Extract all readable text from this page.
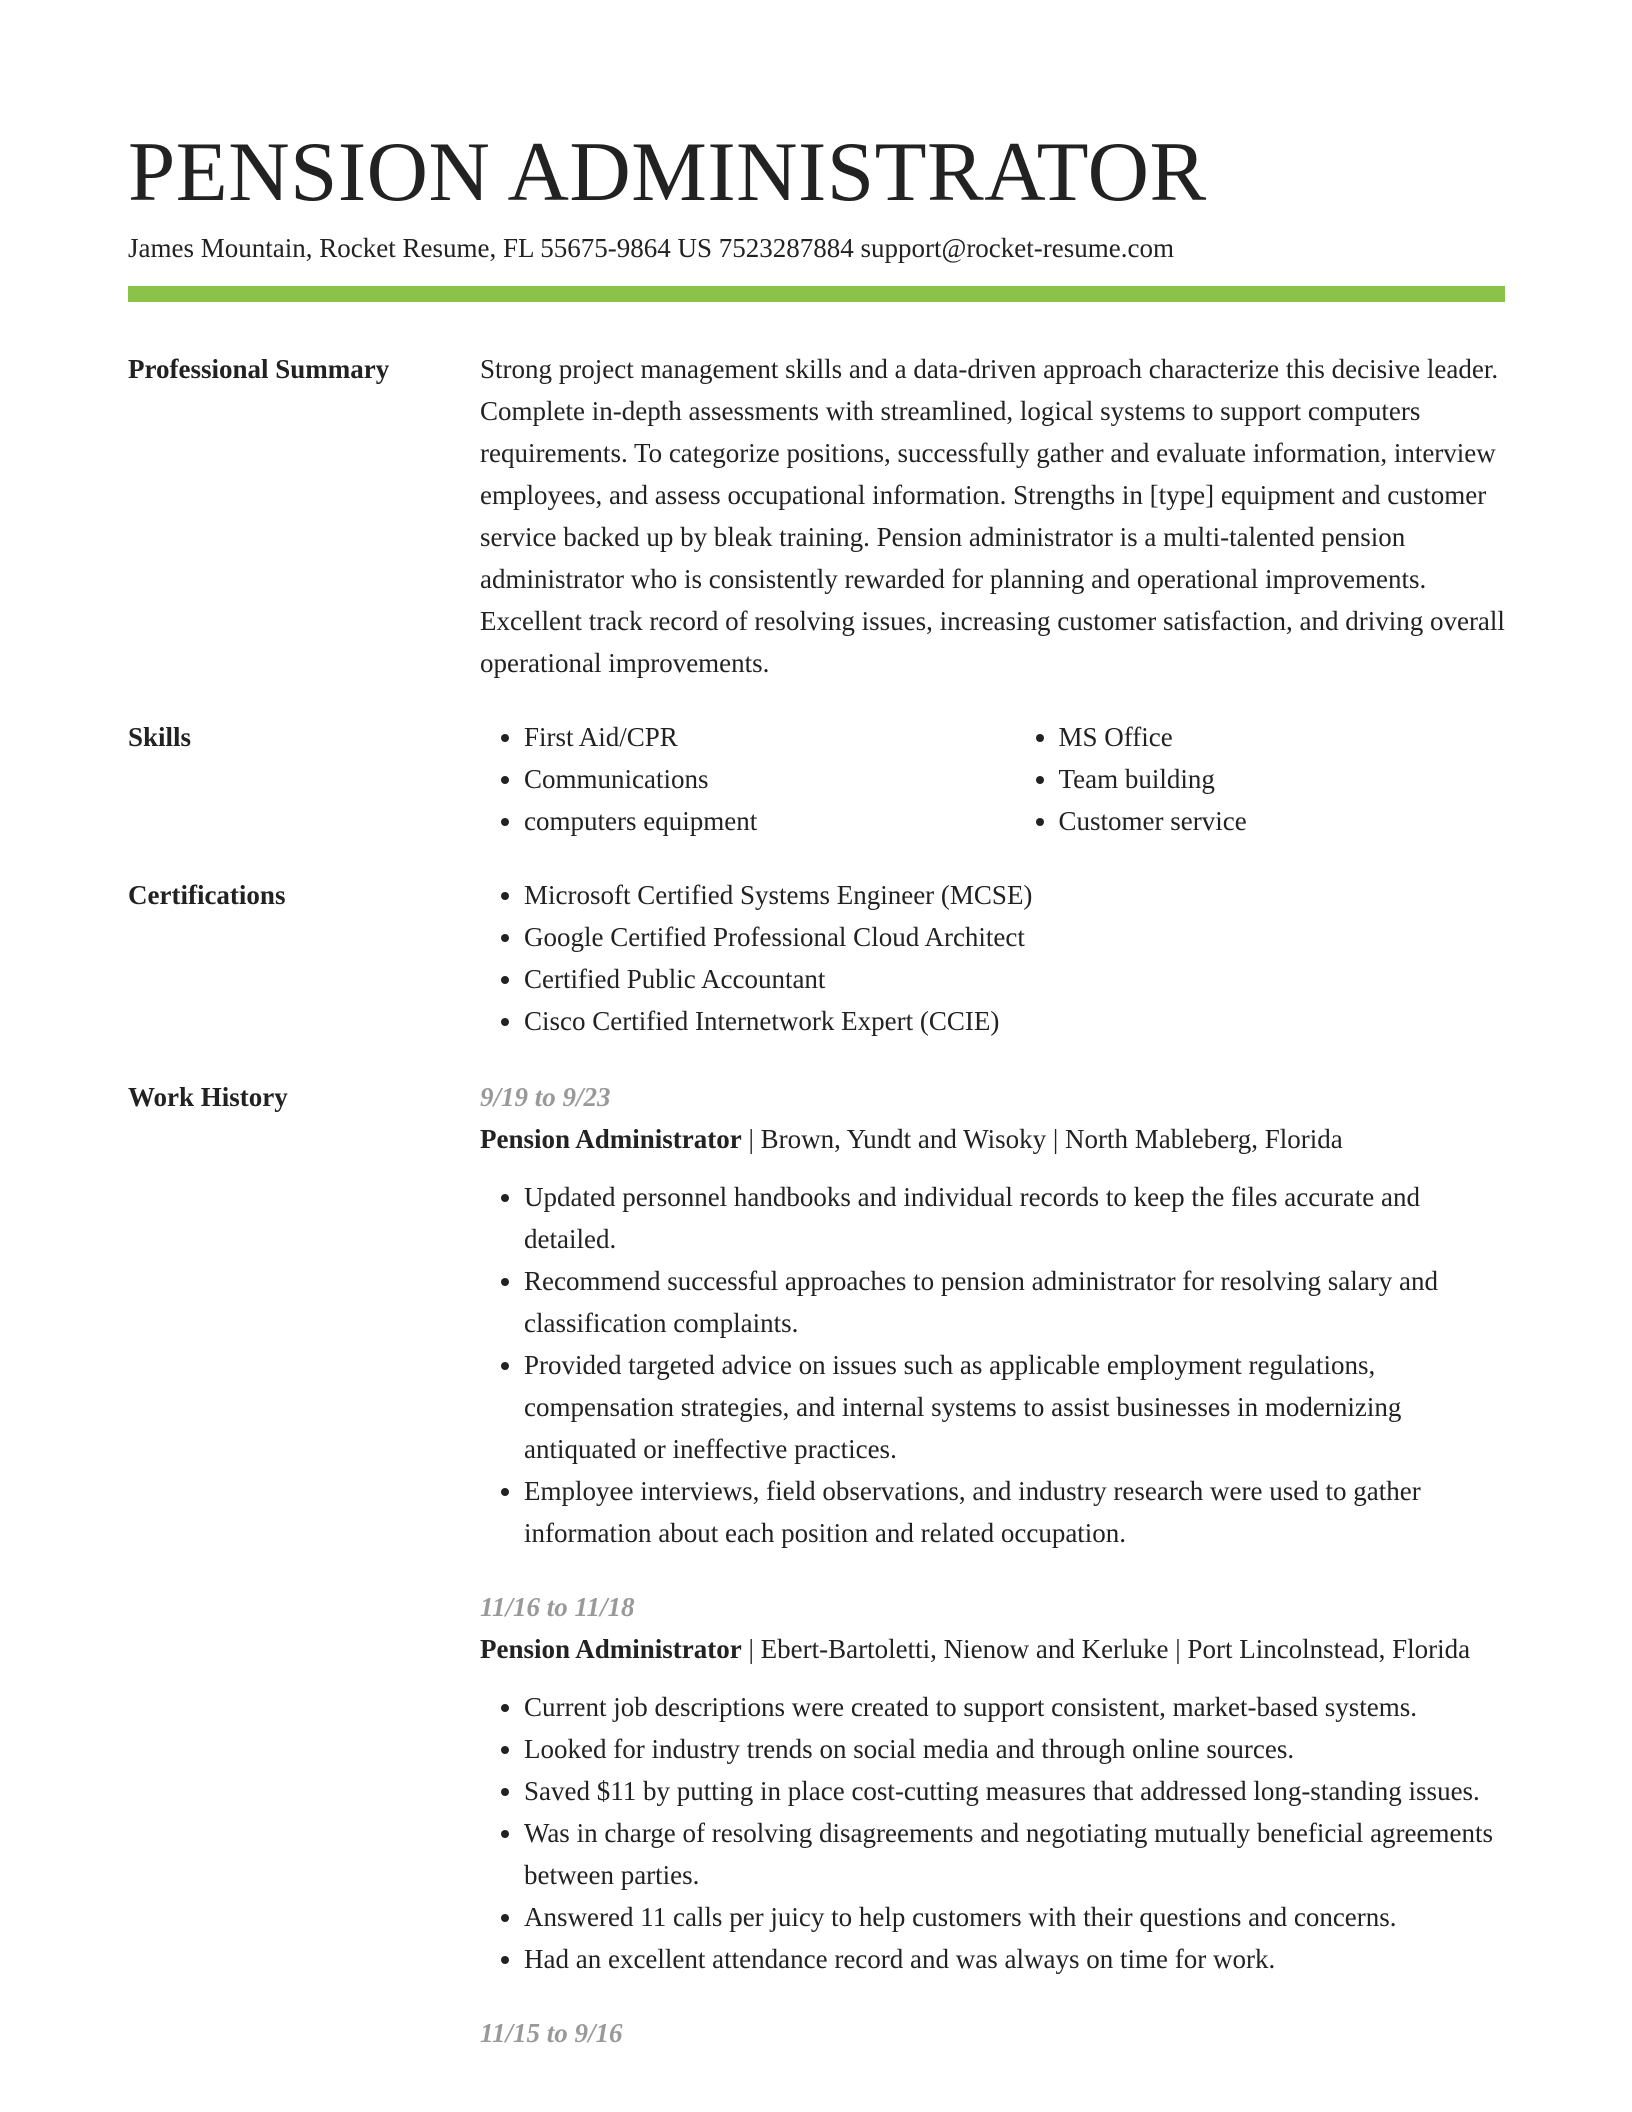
PENSION ADMINISTRATOR
James Mountain, Rocket Resume, FL 55675-9864 US 7523287884 support@rocket-resume.com
Professional Summary	Strong project management skills and a data-driven approach characterize this decisive leader. Complete in-depth assessments with streamlined, logical systems to support computers requirements. To categorize positions, successfully gather and evaluate information, interview employees, and assess occupational information. Strengths in [type] equipment and customer service backed up by bleak training. Pension administrator is a multi-talented pension administrator who is consistently rewarded for planning and operational improvements. Excellent track record of resolving issues, increasing customer satisfaction, and driving overall operational improvements.

Skills	• First Aid/CPR
• Communications
• computers equipment
• MS Office
• Team building
• Customer service
Certifications	• Microsoft Certified Systems Engineer (MCSE)
• Google Certified Professional Cloud Architect
• Certified Public Accountant
• Cisco Certified Internetwork Expert (CCIE)
Work History	9/19 to 9/23
Pension Administrator | Brown, Yundt and Wisoky | North Mableberg, Florida
• Updated personnel handbooks and individual records to keep the files accurate and detailed.
• Recommend successful approaches to pension administrator for resolving salary and classification complaints.
• Provided targeted advice on issues such as applicable employment regulations, compensation strategies, and internal systems to assist businesses in modernizing antiquated or ineffective practices.
• Employee interviews, field observations, and industry research were used to gather information about each position and related occupation.
11/16 to 11/18
Pension Administrator | Ebert-Bartoletti, Nienow and Kerluke | Port Lincolnstead, Florida
• Current job descriptions were created to support consistent, market-based systems.
• Looked for industry trends on social media and through online sources.
• Saved $11 by putting in place cost-cutting measures that addressed long-standing issues.
• Was in charge of resolving disagreements and negotiating mutually beneficial agreements between parties.
• Answered 11 calls per juicy to help customers with their questions and concerns.
• Had an excellent attendance record and was always on time for work.
11/15 to 9/16
